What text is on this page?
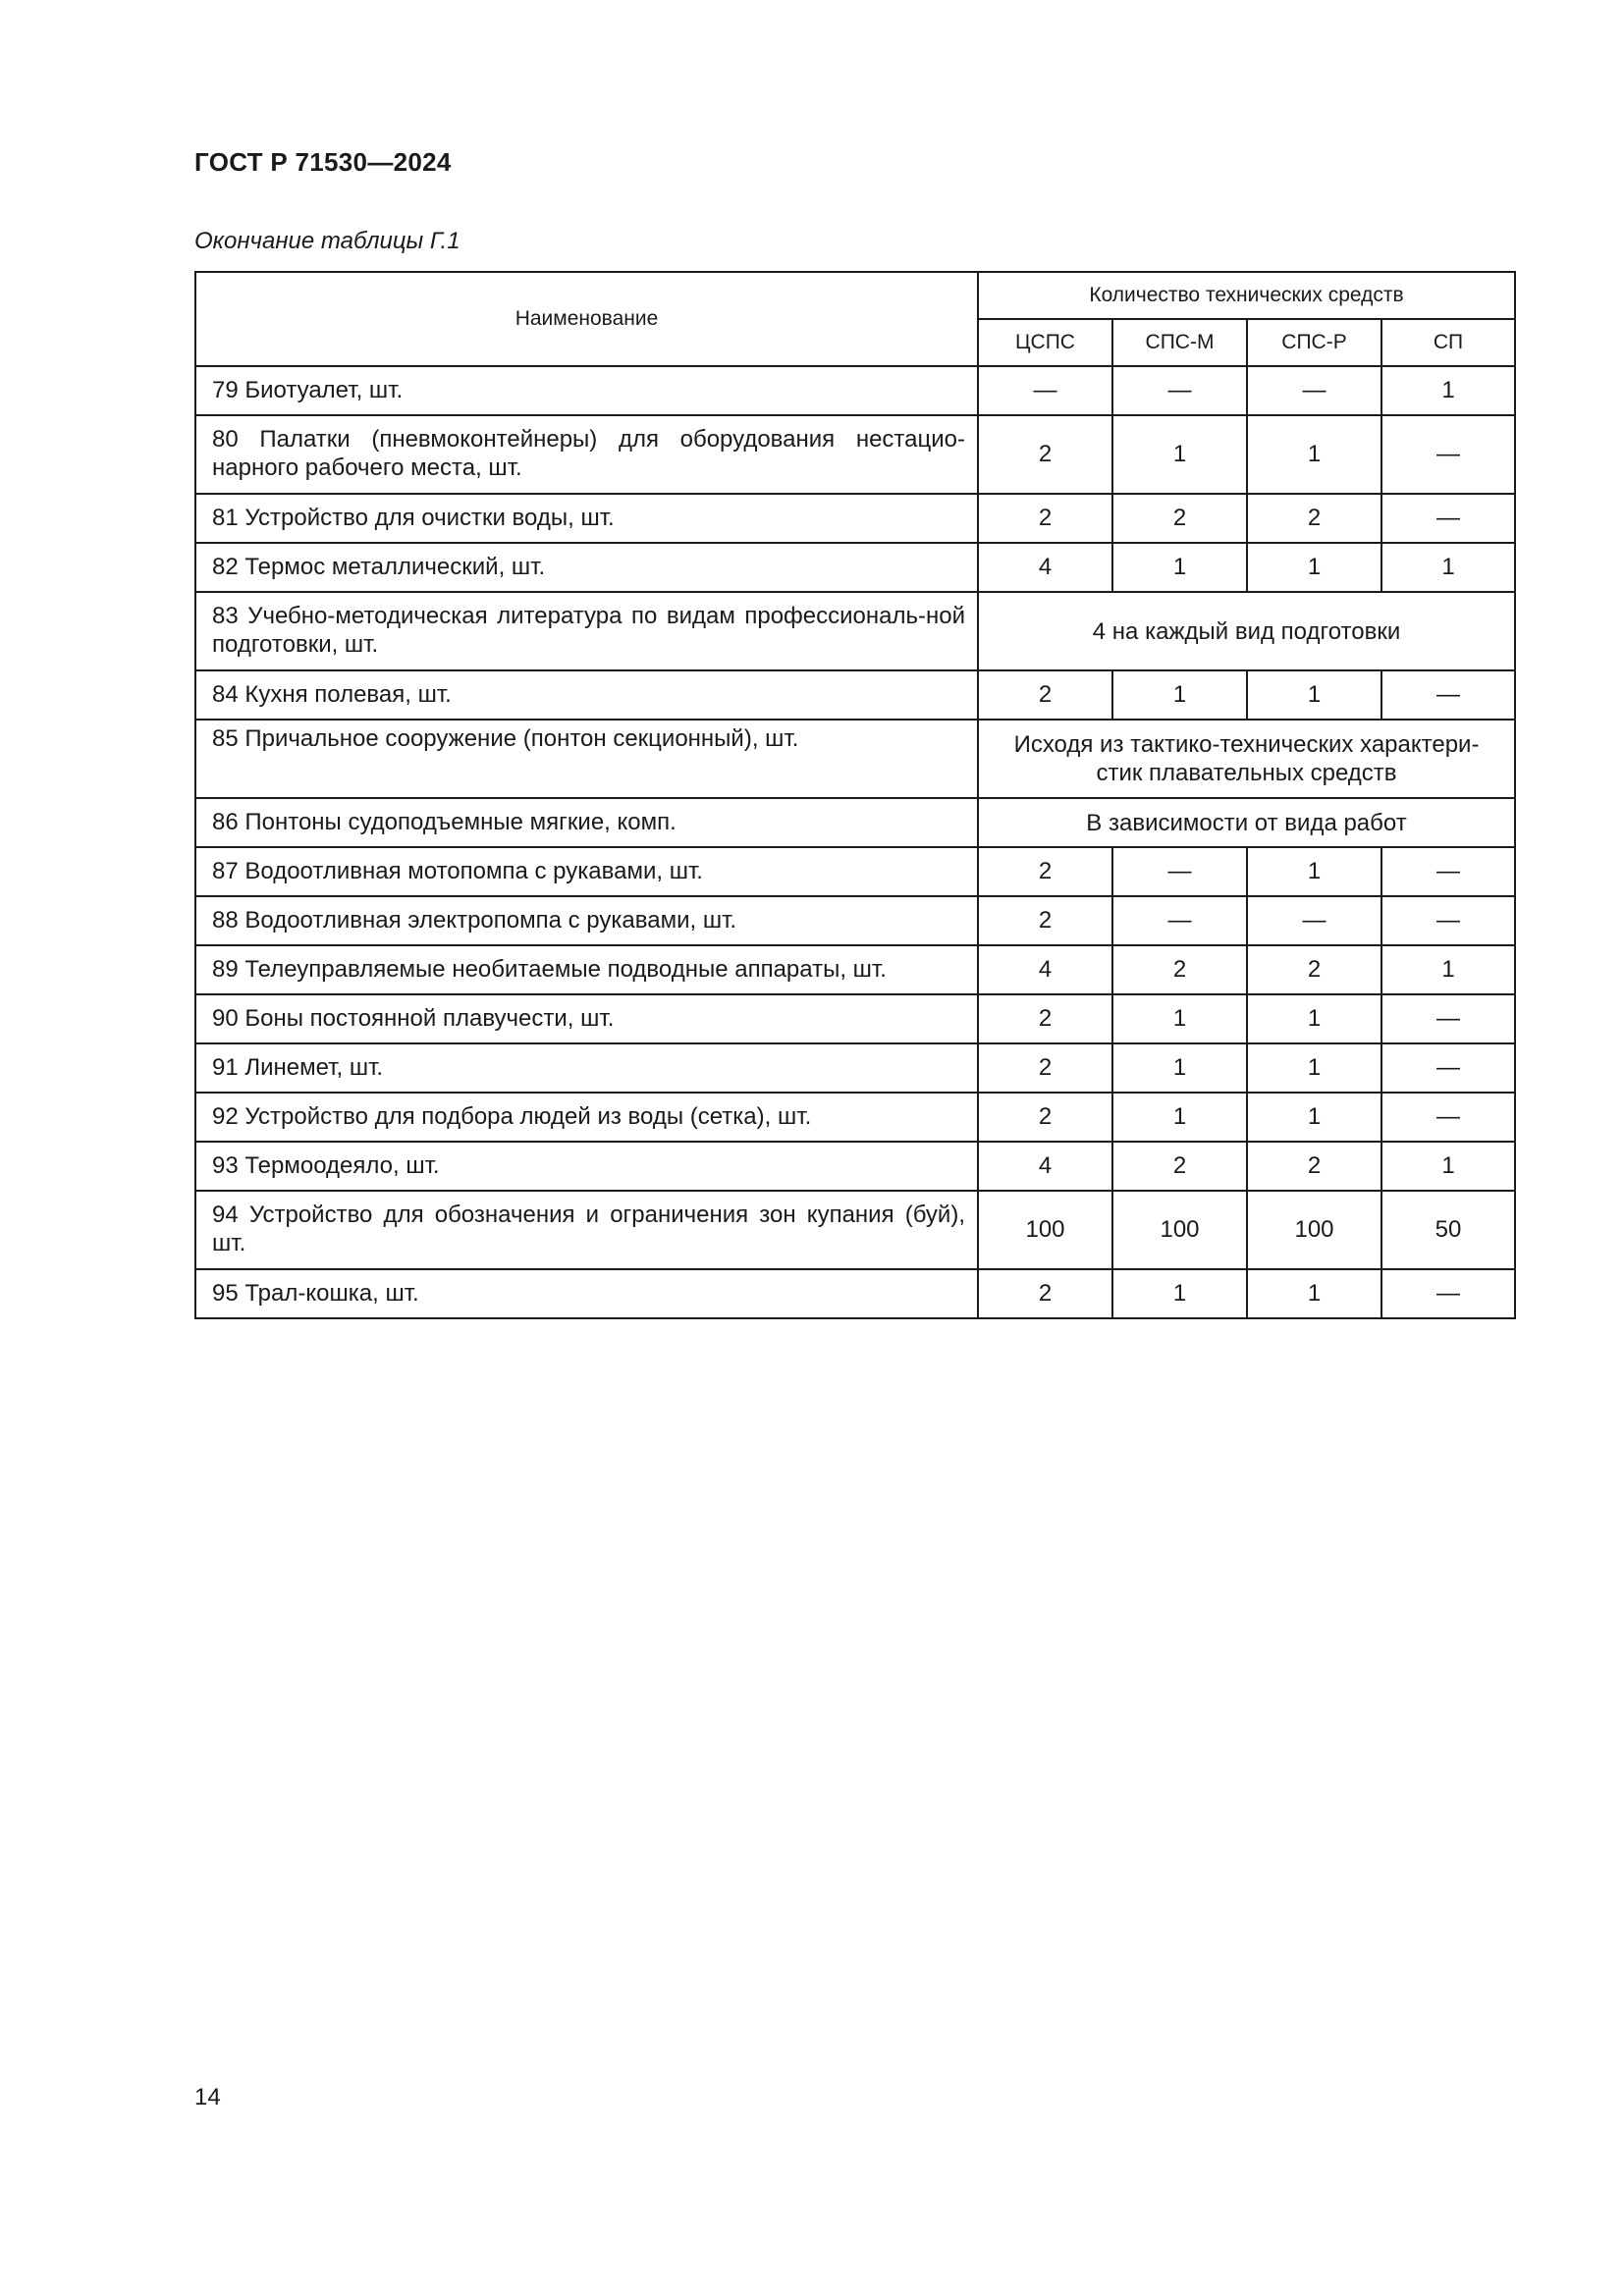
ГОСТ Р 71530—2024
Окончание таблицы Г.1
Наименование	Количество технических средств			
	ЦСПС	СПС-М	СПС-Р	СП
79 Биотуалет, шт.	—	—	—	1
80 Палатки (пневмоконтейнеры) для оборудования нестацио-нарного рабочего места, шт.	2	1	1	—
81 Устройство для очистки воды, шт.	2	2	2	—
82 Термос металлический, шт.	4	1	1	1
83 Учебно-методическая литература по видам профессиональ-ной подготовки, шт.	4 на каждый вид подготовки			
84 Кухня полевая, шт.	2	1	1	—
85 Причальное сооружение (понтон секционный), шт.	Исходя из тактико-технических характери-стик плавательных средств			
86 Понтоны судоподъемные мягкие, комп.	В зависимости от вида работ			
87 Водоотливная мотопомпа с рукавами, шт.	2	—	1	—
88 Водоотливная электропомпа с рукавами, шт.	2	—	—	—
89 Телеуправляемые необитаемые подводные аппараты, шт.	4	2	2	1
90 Боны постоянной плавучести, шт.	2	1	1	—
91 Линемет, шт.	2	1	1	—
92 Устройство для подбора людей из воды (сетка), шт.	2	1	1	—
93 Термоодеяло, шт.	4	2	2	1
94 Устройство для обозначения и ограничения зон купания (буй), шт.	100	100	100	50
95 Трал-кошка, шт.	2	1	1	—
14
